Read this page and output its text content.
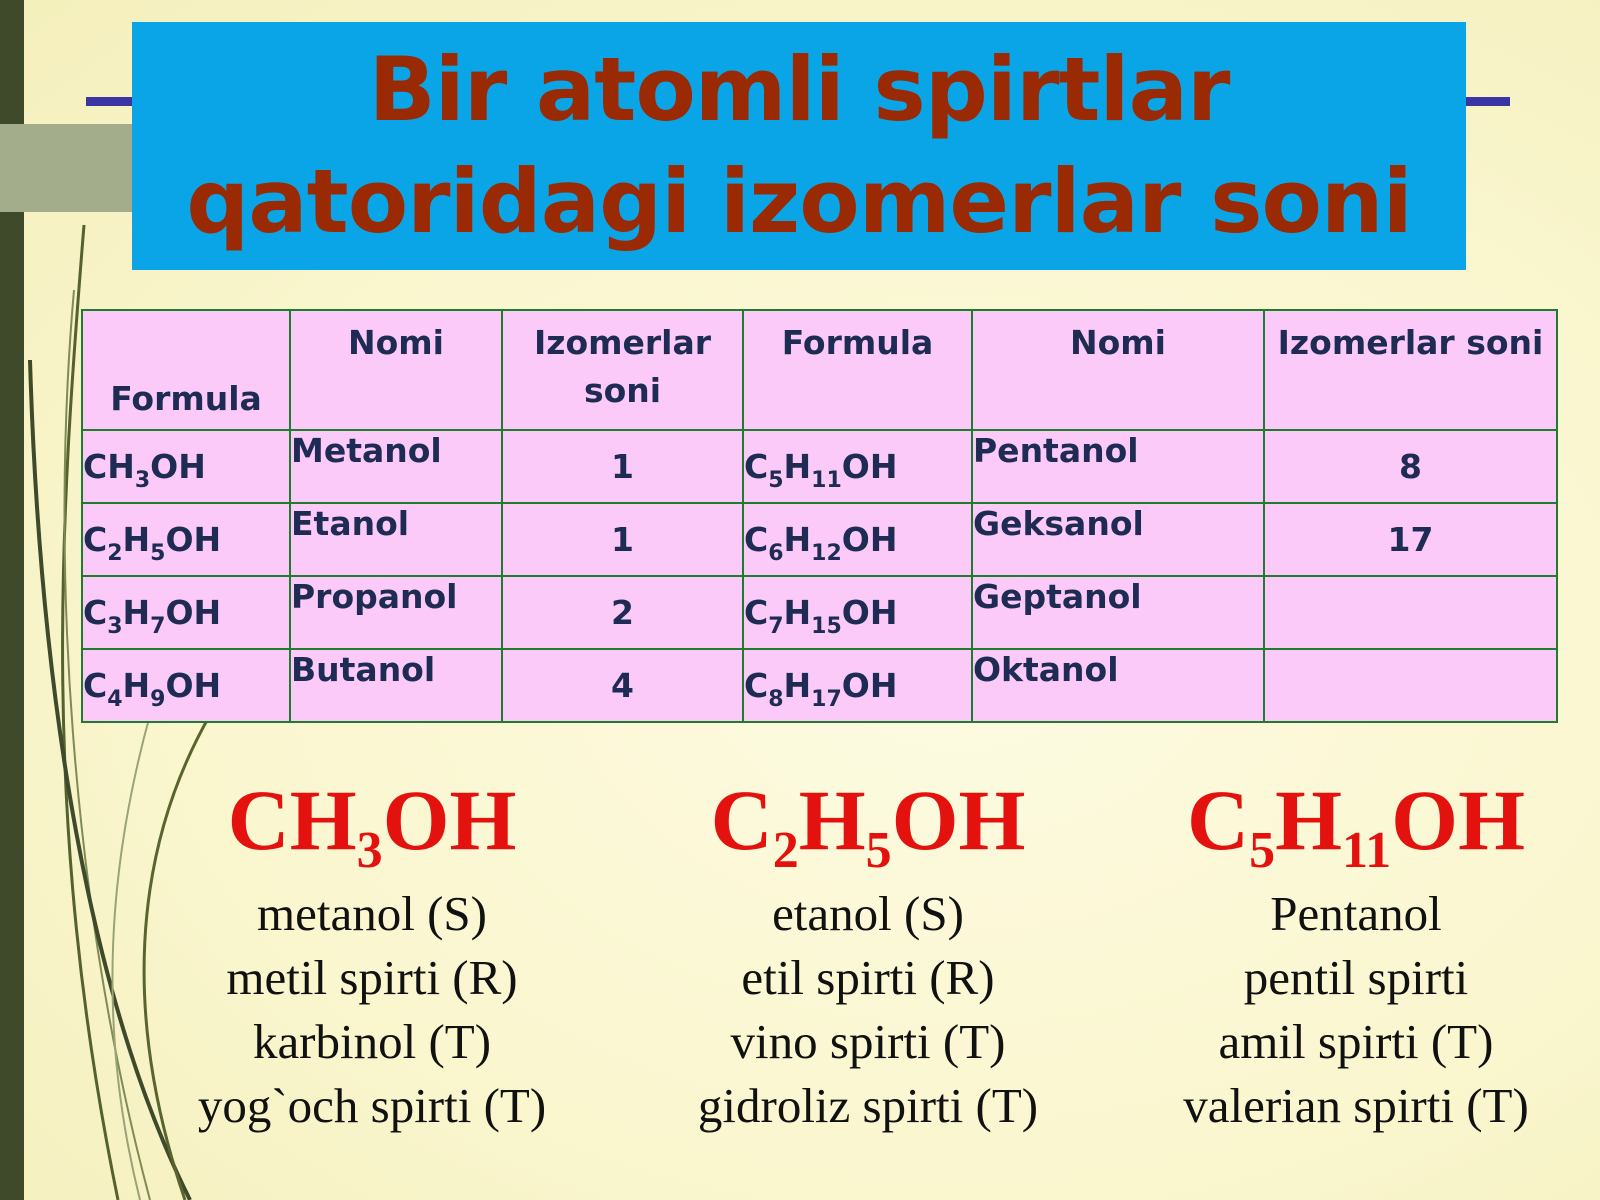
Bir atomli spirtlar
qatoridagi izomerlar soni
Formula	Nomi	Izomerlar soni	Formula	Nomi	Izomerlar soni
$CH_3OH$	Metanol	1	$C_5H_{11}OH$	Pentanol	8
$C_2H_5OH$	Etanol	1	$C_6H_{12}OH$	Geksanol	17
$C_3H_7OH$	Propanol	2	$C_7H_{15}OH$	Geptanol	
$C_4H_9OH$	Butanol	4	$C_8H_{17}OH$	Oktanol	
$CH_3OH$
metanol (S)
metil spirti (R)
karbinol (T)
yog`och spirti (T)
$C_2H_5OH$
etanol (S)
etil spirti (R)
vino spirti (T)
gidroliz spirti (T)
$C_5H_{11}OH$
Pentanol
pentil spirti
amil spirti (T)
valerian spirti (T)
